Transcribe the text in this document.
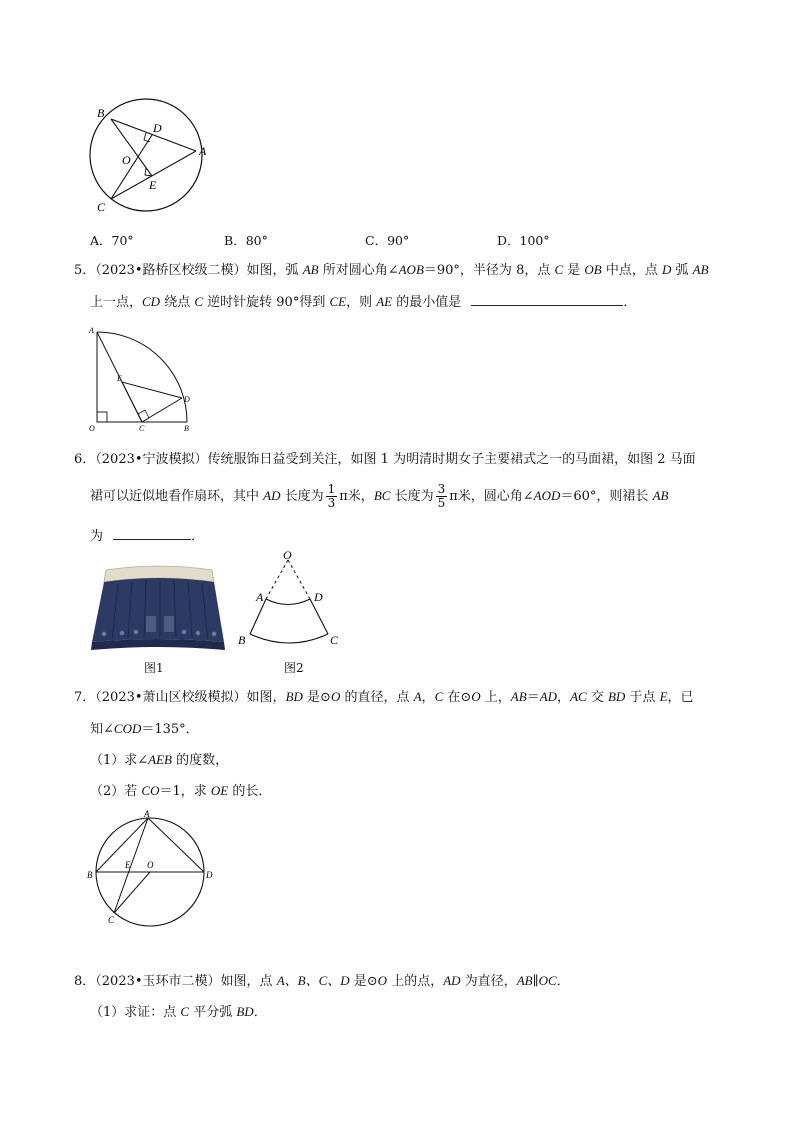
B
D
O
A
E
C
A．70°	B．80°	C．90°	D．100°
5．（2023•路桥区校级二模）如图，弧 AB 所对圆心角∠AOB＝90°，半径为 8，点 C 是 OB 中点，点 D 弧 AB
上一点，CD 绕点 C 逆时针旋转 90°得到 CE，则 AE 的最小值是	．
A
E
D
O	C	B
6．（2023•宁波模拟）传统服饰日益受到关注，如图 1 为明清时期女子主要裙式之一的马面裙，如图 2 马面
裙可以近似地看作扇环，其中 AD 长度为 $\frac{1}{3}$ π米，BC 长度为 $\frac{3}{5}$ π米，圆心角∠AOD＝60°，则裙长 AB
为	．
图1
O
A	D
B	C
图2
7．（2023•萧山区校级模拟）如图，BD 是⊙O 的直径，点 A，C 在⊙O 上，AB＝AD，AC 交 BD 于点 E，已
知∠COD＝135°．
（1）求∠AEB 的度数，
（2）若 CO＝1，求 OE 的长．
A
B
E O
D
C
8．（2023•玉环市二模）如图，点 A、B、C、D 是⊙O 上的点，AD 为直径，AB∥OC．
（1）求证：点 C 平分弧 BD．
